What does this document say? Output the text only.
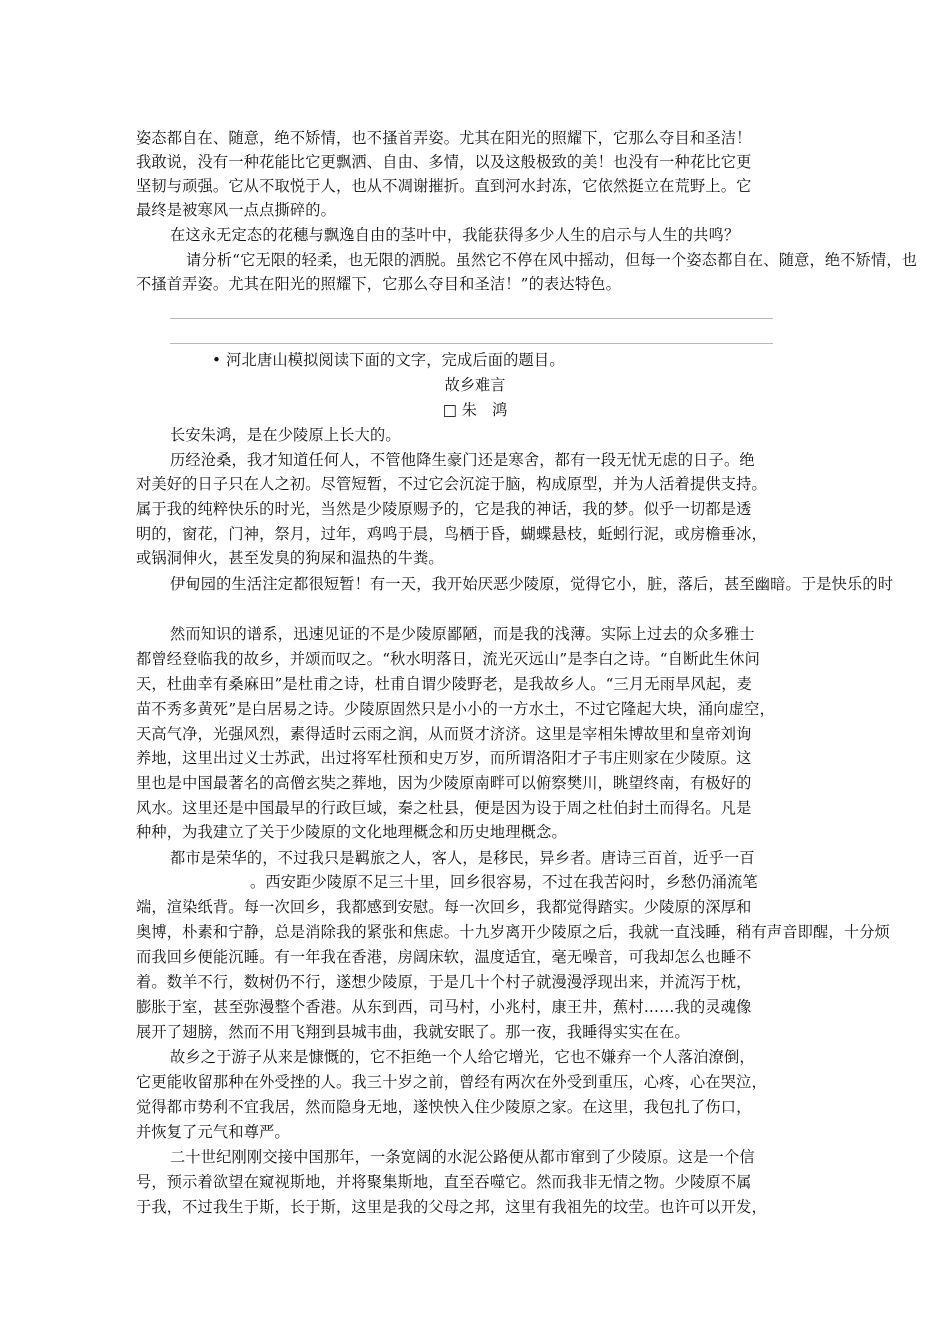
姿态都自在、随意，绝不矫情，也不搔首弄姿。尤其在阳光的照耀下，它那么夺目和圣洁！
我敢说，没有一种花能比它更飘洒、自由、多情，以及这般极致的美！也没有一种花比它更
坚韧与顽强。它从不取悦于人，也从不凋谢摧折。直到河水封冻，它依然挺立在荒野上。它
最终是被寒风一点点撕碎的。
在这永无定态的花穗与飘逸自由的茎叶中，我能获得多少人生的启示与人生的共鸣？
请分析“它无限的轻柔，也无限的洒脱。虽然它不停在风中摇动，但每一个姿态都自在、随意，绝不矫情，也
不搔首弄姿。尤其在阳光的照耀下，它那么夺目和圣洁！”的表达特色。
• 河北唐山模拟阅读下面的文字，完成后面的题目。
故乡难言
□ 朱　鸿
长安朱鸿，是在少陵原上长大的。
历经沧桑，我才知道任何人，不管他降生豪门还是寒舍，都有一段无忧无虑的日子。绝
对美好的日子只在人之初。尽管短暂，不过它会沉淀于脑，构成原型，并为人活着提供支持。
属于我的纯粹快乐的时光，当然是少陵原赐予的，它是我的神话，我的梦。似乎一切都是透
明的，窗花，门神，祭月，过年，鸡鸣于晨，鸟栖于昏，蝴蝶悬枝，蚯蚓行泥，或房檐垂冰，
或锅洞伸火，甚至发臭的狗屎和温热的牛粪。
伊甸园的生活注定都很短暂！有一天，我开始厌恶少陵原，觉得它小，脏，落后，甚至幽暗。于是快乐的时
然而知识的谱系，迅速见证的不是少陵原鄙陋，而是我的浅薄。实际上过去的众多雅士
都曾经登临我的故乡，并颂而叹之。“秋水明落日，流光灭远山”是李白之诗。“自断此生休问
天，杜曲幸有桑麻田”是杜甫之诗，杜甫自谓少陵野老，是我故乡人。“三月无雨旱风起，麦
苗不秀多黄死”是白居易之诗。少陵原固然只是小小的一方水土，不过它隆起大块，涌向虚空，
天高气净，光强风烈，素得适时云雨之润，从而贤才济济。这里是宰相朱博故里和皇帝刘询
养地，这里出过义士苏武，出过将军杜预和史万岁，而所谓洛阳才子韦庄则家在少陵原。这
里也是中国最著名的高僧玄奘之葬地，因为少陵原南畔可以俯察樊川，眺望终南，有极好的
风水。这里还是中国最早的行政巨域，秦之杜县，便是因为设于周之杜伯封土而得名。凡是
种种，为我建立了关于少陵原的文化地理概念和历史地理概念。
都市是荣华的，不过我只是羁旅之人，客人，是移民，异乡者。唐诗三百首，近乎一百
。西安距少陵原不足三十里，回乡很容易，不过在我苦闷时，乡愁仍涌流笔
端，渲染纸背。每一次回乡，我都感到安慰。每一次回乡，我都觉得踏实。少陵原的深厚和
奥博，朴素和宁静，总是消除我的紧张和焦虑。十九岁离开少陵原之后，我就一直浅睡，稍有声音即醒，十分烦
而我回乡便能沉睡。有一年我在香港，房阔床软，温度适宜，毫无噪音，可我却怎么也睡不
着。数羊不行，数树仍不行，遂想少陵原，于是几十个村子就漫漫浮现出来，并流泻于枕，
膨胀于室，甚至弥漫整个香港。从东到西，司马村，小兆村，康王井，蕉村……我的灵魂像
展开了翅膀，然而不用飞翔到县城韦曲，我就安眠了。那一夜，我睡得实实在在。
故乡之于游子从来是慷慨的，它不拒绝一个人给它增光，它也不嫌弃一个人落泊潦倒，
它更能收留那种在外受挫的人。我三十岁之前，曾经有两次在外受到重压，心疼，心在哭泣，
觉得都市势利不宜我居，然而隐身无地，遂怏怏入住少陵原之家。在这里，我包扎了伤口，
并恢复了元气和尊严。
二十世纪刚刚交接中国那年，一条宽阔的水泥公路便从都市窜到了少陵原。这是一个信
号，预示着欲望在窥视斯地，并将聚集斯地，直至吞噬它。然而我非无情之物。少陵原不属
于我，不过我生于斯，长于斯，这里是我的父母之邦，这里有我祖先的坟茔。也许可以开发，
